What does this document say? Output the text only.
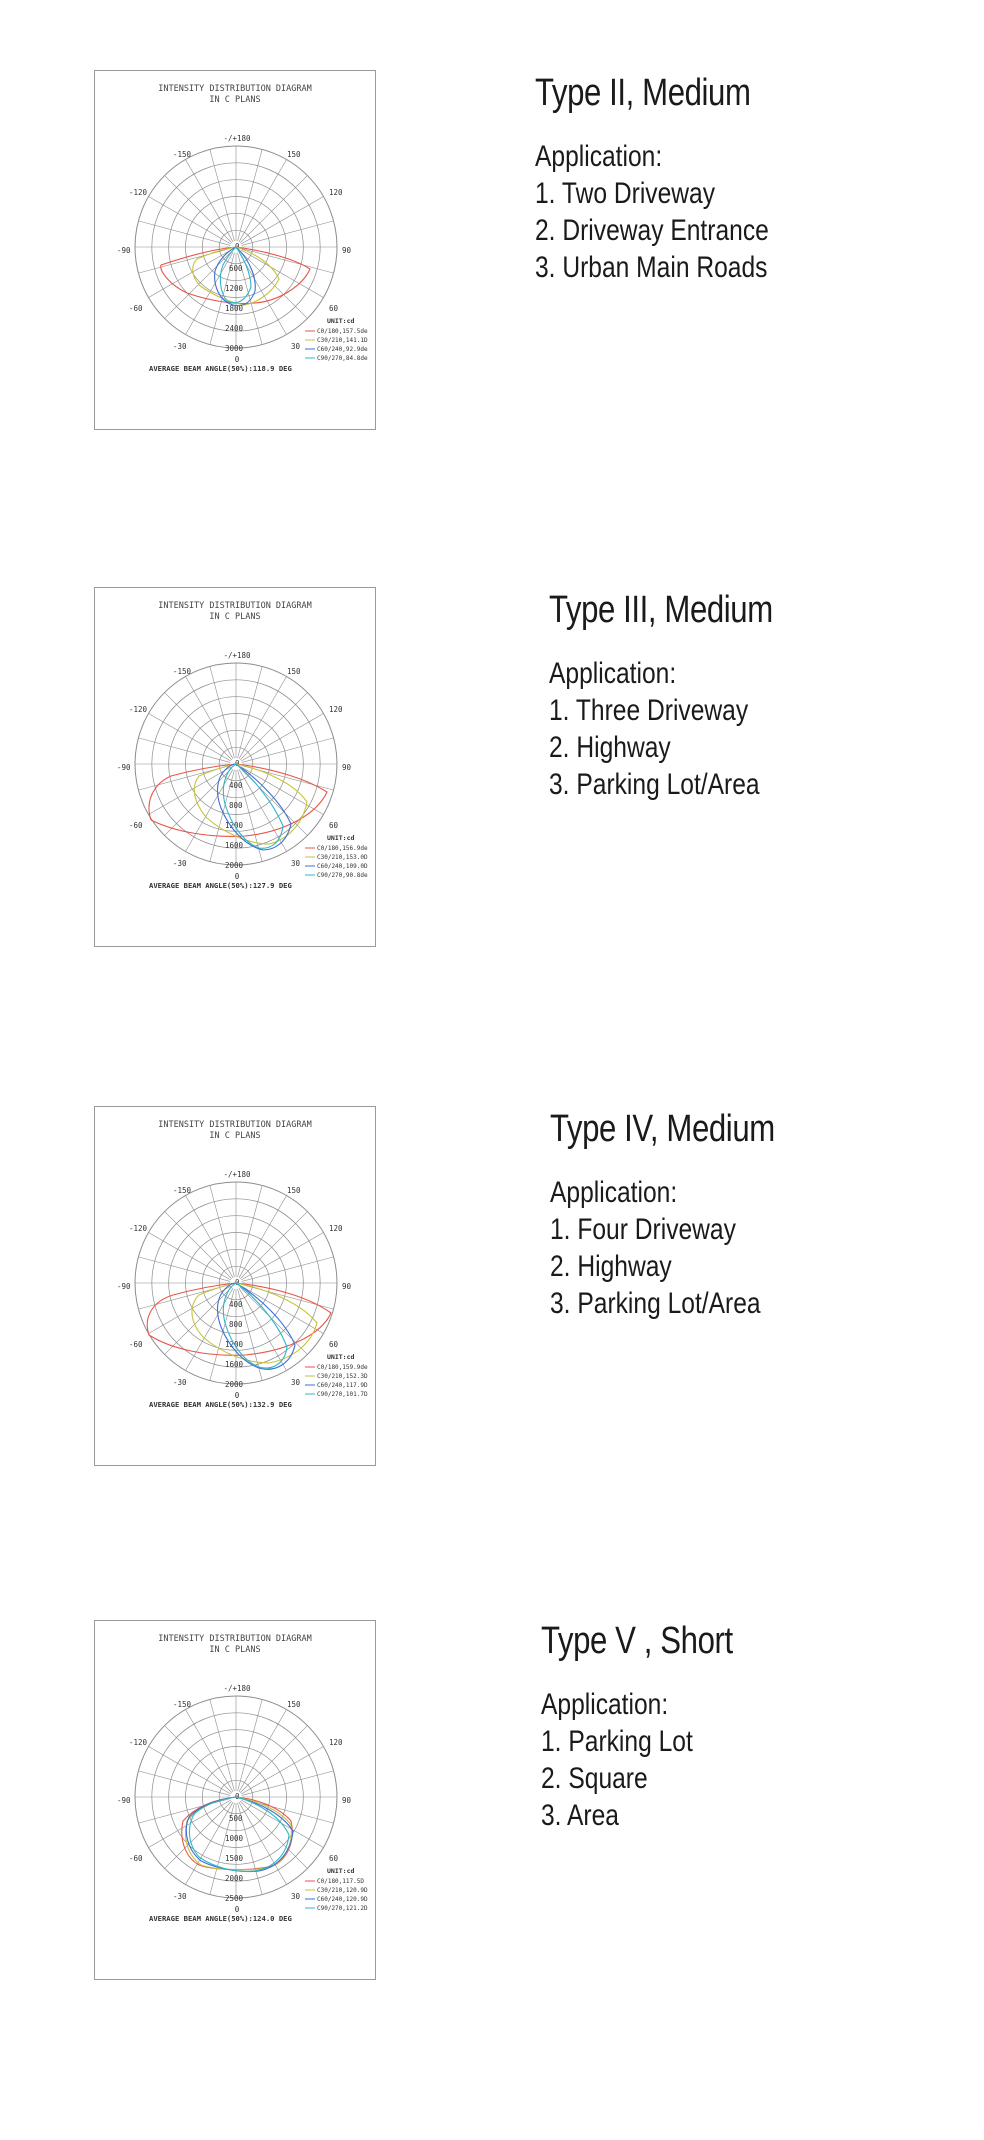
INTENSITY DISTRIBUTION DIAGRAM
IN C PLANS
-/+180
-150	150
-120	120
-90	90
-60	60
-30	30
0
0
600
1200
1800
2400
3000
UNIT:cd
C0/180,157.5de
C30/210,141.1D
C60/240,92.9de
C90/270,84.8de
AVERAGE BEAM ANGLE(50%):118.9 DEG
Type II, Medium
Application:
1. Two Driveway
2. Driveway Entrance
3. Urban Main Roads
INTENSITY DISTRIBUTION DIAGRAM
IN C PLANS
-/+180
-150	150
-120	120
-90	90
-60	60
-30	30
0
0
400
800
1200
1600
2000
UNIT:cd
C0/180,156.9de
C30/210,153.0D
C60/240,109.0D
C90/270,90.8de
AVERAGE BEAM ANGLE(50%):127.9 DEG
Type III, Medium
Application:
1. Three Driveway
2. Highway
3. Parking Lot/Area
INTENSITY DISTRIBUTION DIAGRAM
IN C PLANS
-/+180
-150	150
-120	120
-90	90
-60	60
-30	30
0
0
400
800
1200
1600
2000
UNIT:cd
C0/180,159.9de
C30/210,152.3D
C60/240,117.9D
C90/270,101.7D
AVERAGE BEAM ANGLE(50%):132.9 DEG
Type IV, Medium
Application:
1. Four Driveway
2. Highway
3. Parking Lot/Area
INTENSITY DISTRIBUTION DIAGRAM
IN C PLANS
-/+180
-150	150
-120	120
-90	90
-60	60
-30	30
0
0
500
1000
1500
2000
2500
UNIT:cd
C0/180,117.5D
C30/210,120.9D
C60/240,120.9D
C90/270,121.2D
AVERAGE BEAM ANGLE(50%):124.0 DEG
Type V , Short
Application:
1. Parking Lot
2. Square
3. Area
